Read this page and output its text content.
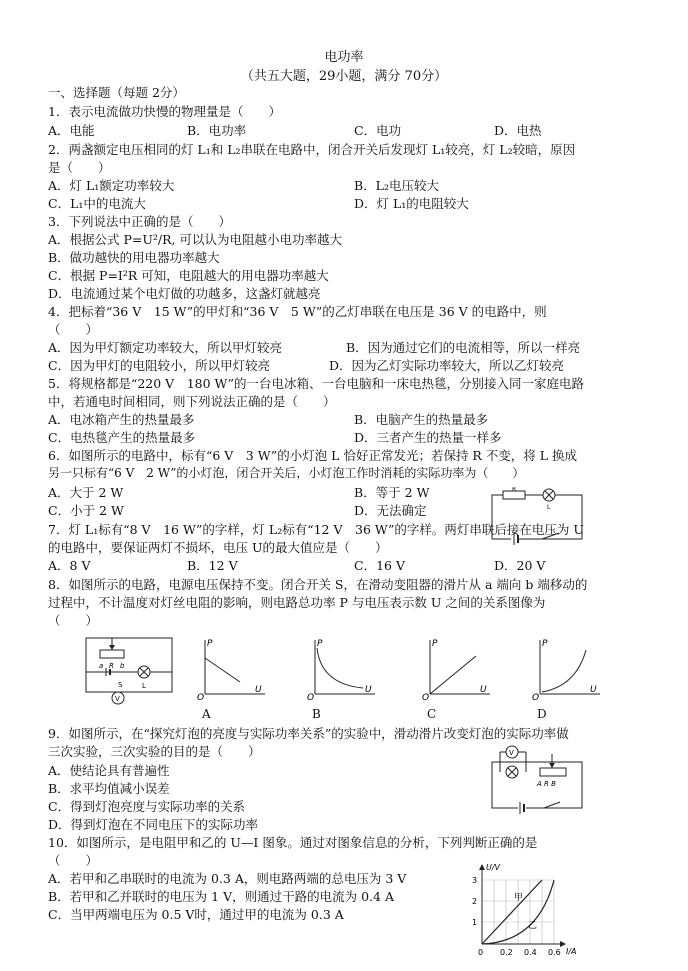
电功率
（共五大题，29小题，满分 70分）
一、选择题（每题 2分）
1．表示电流做功快慢的物理量是（　　）
A．电能	B．电功率	C．电功	D．电热
2．两盏额定电压相同的灯 L₁和 L₂串联在电路中，闭合开关后发现灯 L₁较亮，灯 L₂较暗，原因
是（　　）
A．灯 L₁额定功率较大	B．L₂电压较大
C．L₁中的电流大	D．灯 L₁的电阻较大
3．下列说法中正确的是（　　）
A．根据公式 P=U²/R, 可以认为电阻越小电功率越大
B．做功越快的用电器功率越大
C．根据 P=I²R 可知，电阻越大的用电器功率越大
D．电流通过某个电灯做的功越多，这盏灯就越亮
4．把标着“36 V　15 W”的甲灯和“36 V　5 W”的乙灯串联在电压是 36 V 的电路中，则
（　　）
A．因为甲灯额定功率较大，所以甲灯较亮	B．因为通过它们的电流相等，所以一样亮
C．因为甲灯的电阻较小，所以甲灯较亮	D．因为乙灯实际功率较大，所以乙灯较亮
5．将规格都是“220 V　180 W”的一台电冰箱、一台电脑和一床电热毯，分别接入同一家庭电路
中，若通电时间相同，则下列说法正确的是（　　）
A．电冰箱产生的热量最多	B．电脑产生的热量最多
C．电热毯产生的热量最多	D．三者产生的热量一样多
6．如图所示的电路中，标有“6 V　3 W”的小灯泡 L 恰好正常发光；若保持 R 不变，将 L 换成
另一只标有“6 V　2 W”的小灯泡，闭合开关后，小灯泡工作时消耗的实际功率为（　　）
A．大于 2 W	B．等于 2 W
C．小于 2 W	D．无法确定
R
L
7．灯 L₁标有“8 V　16 W”的字样，灯 L₂标有“12 V　36 W”的字样。两灯串联后接在电压为 U
的电路中，要保证两灯不损坏，电压 U的最大值应是（　　）
A．8 V	B．12 V	C．16 V	D．20 V
8．如图所示的电路，电源电压保持不变。闭合开关 S，在滑动变阻器的滑片从 a 端向 b 端移动的
过程中，不计温度对灯丝电阻的影响，则电路总功率 P 与电压表示数 U 之间的关系图像为
（　　）
a R b
S	L
V
P
O
U
P
O
U
P
O
U
P
O
U
A	B	C	D
9．如图所示，在“探究灯泡的亮度与实际功率关系”的实验中，滑动滑片改变灯泡的实际功率做
三次实验，三次实验的目的是（　　）
A．使结论具有普遍性
B．求平均值减小误差
C．得到灯泡亮度与实际功率的关系
D．得到灯泡在不同电压下的实际功率
V
A R B
10．如图所示，是电阻甲和乙的 U—I 图象。通过对图象信息的分析，下列判断正确的是
（　　）
A．若甲和乙串联时的电流为 0.3 A，则电路两端的总电压为 3 V
B．若甲和乙并联时的电压为 1 V，则通过干路的电流为 0.4 A
C．当甲两端电压为 0.5 V时，通过甲的电流为 0.3 A
U/V
3
2
1
0 0.2 0.4 0.6 I/A
甲
乙
